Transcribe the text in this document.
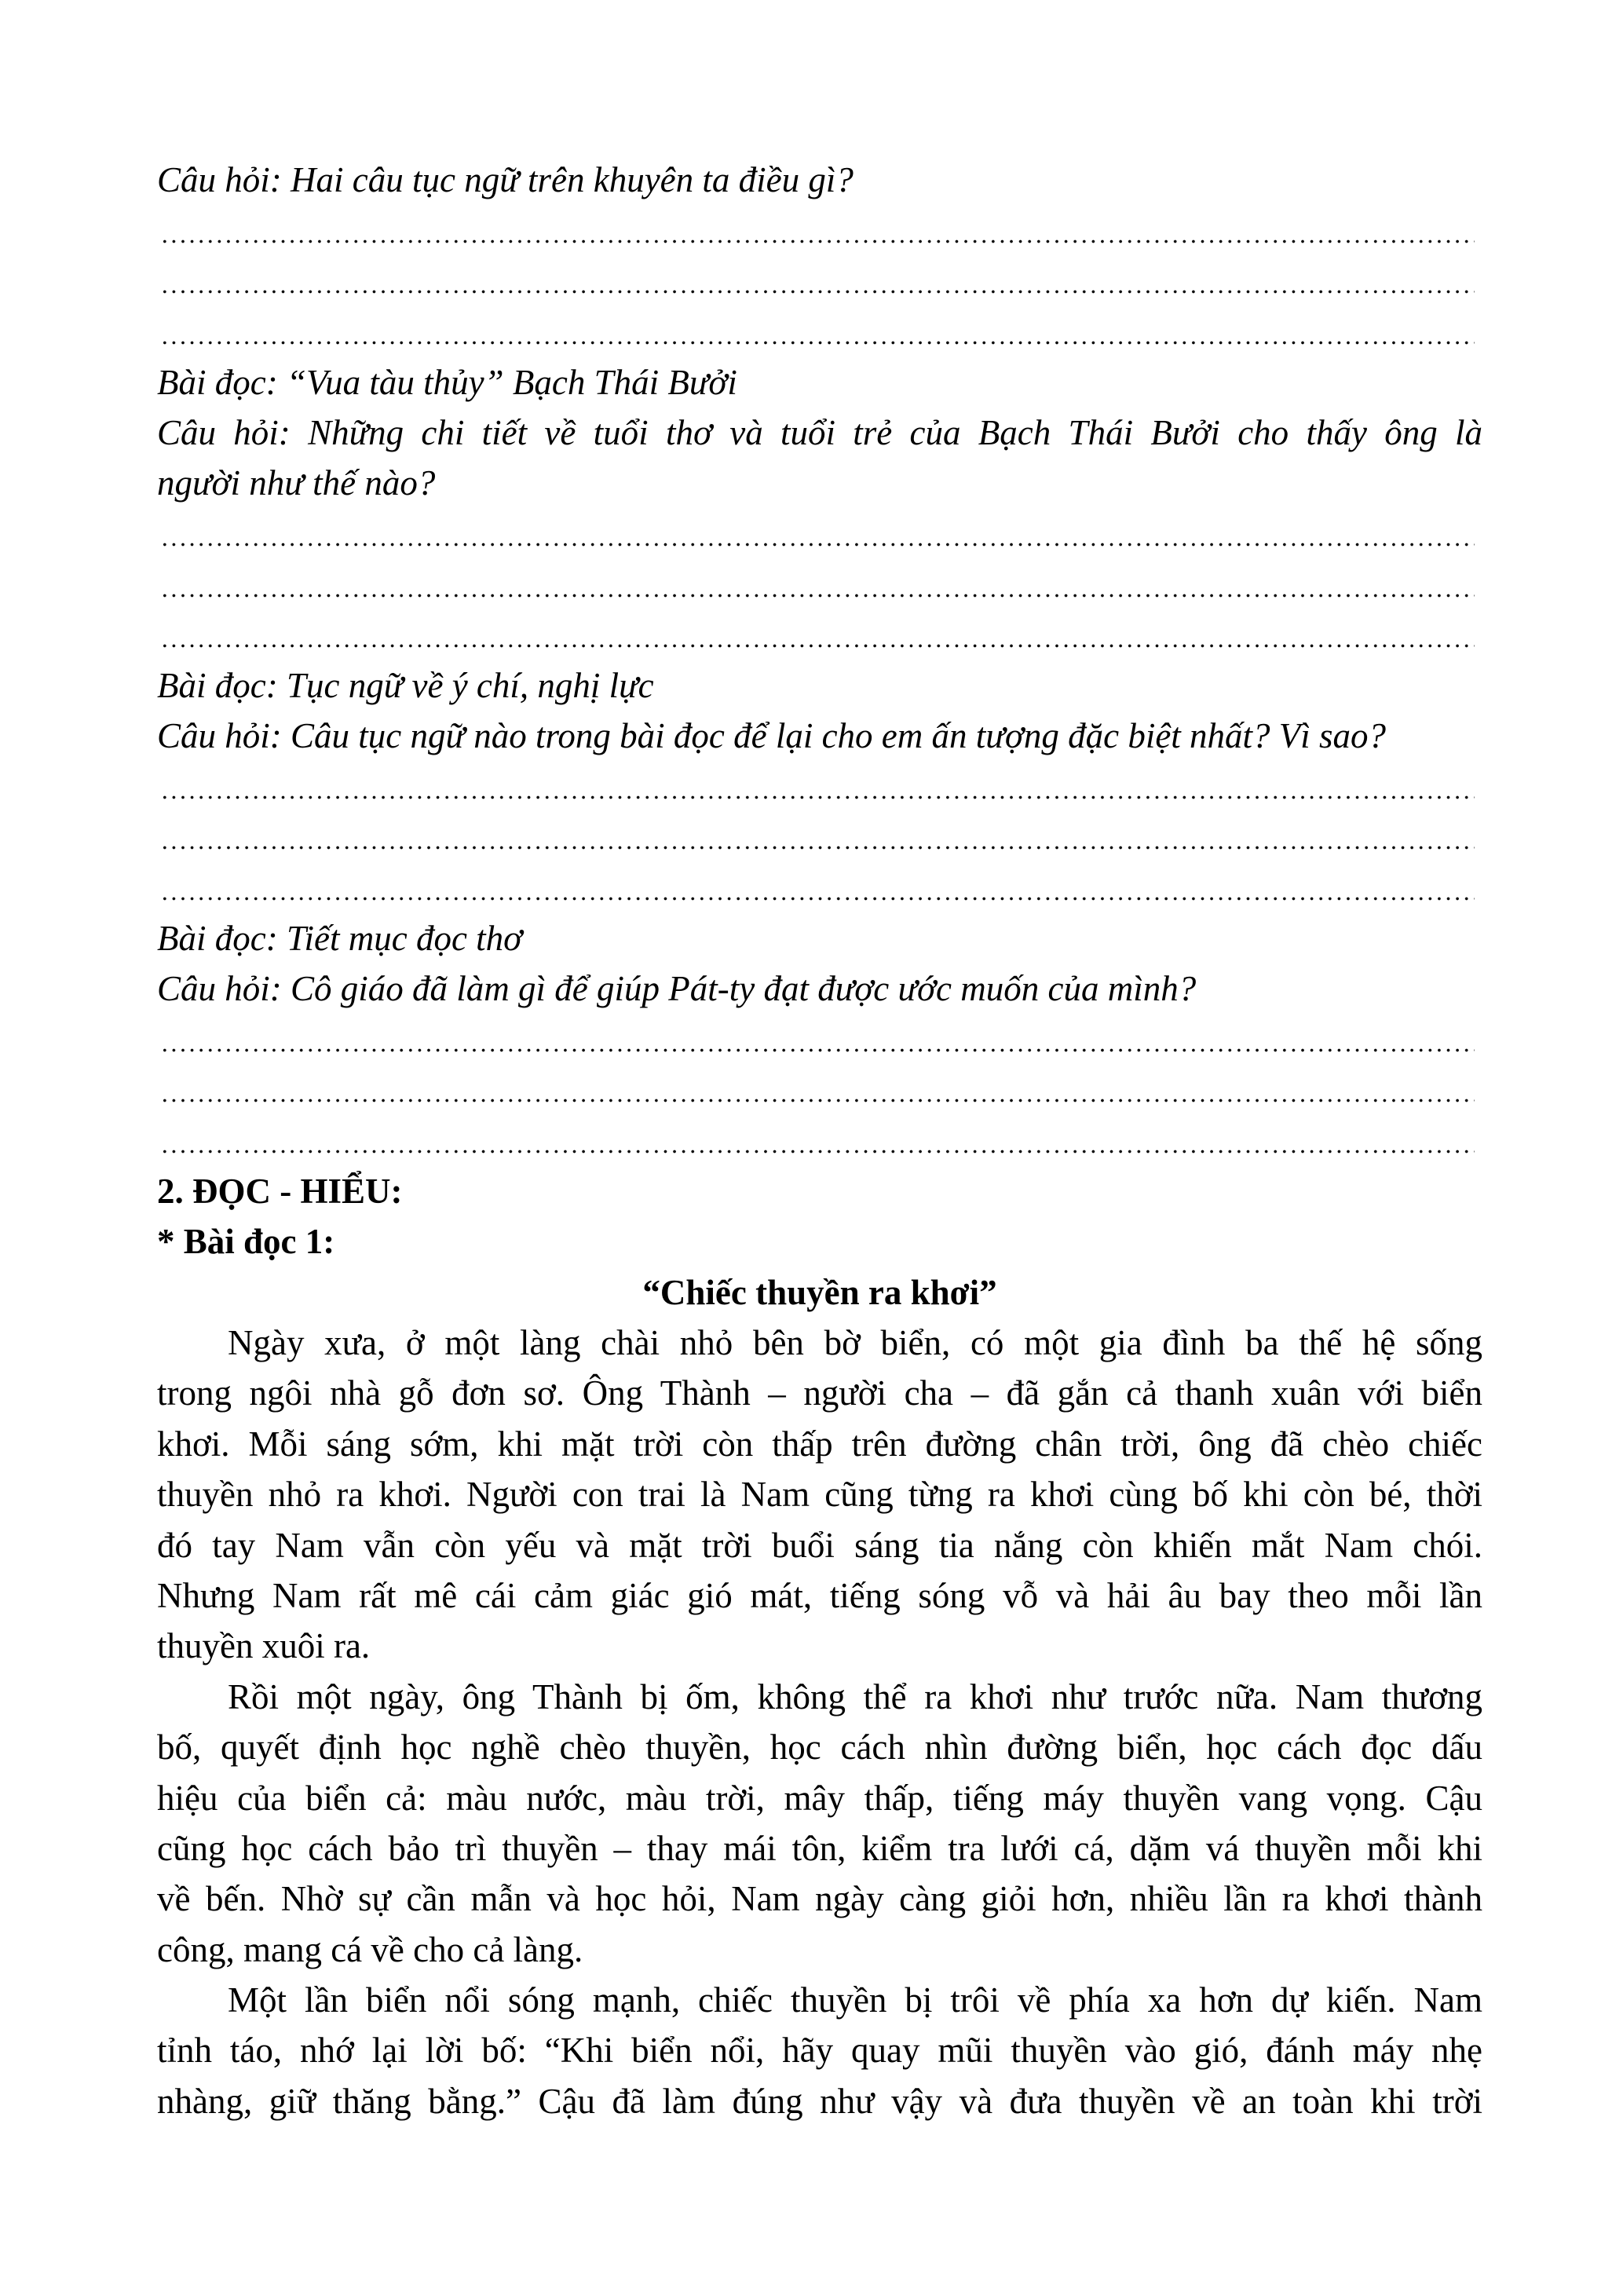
Câu hỏi: Hai câu tục ngữ trên khuyên ta điều gì?
Bài đọc: “Vua tàu thủy” Bạch Thái Bưởi
Câu hỏi: Những chi tiết về tuổi thơ và tuổi trẻ của Bạch Thái Bưởi cho thấy ông là
người như thế nào?
Bài đọc: Tục ngữ về ý chí, nghị lực
Câu hỏi: Câu tục ngữ nào trong bài đọc để lại cho em ấn tượng đặc biệt nhất? Vì sao?
Bài đọc: Tiết mục đọc thơ
Câu hỏi: Cô giáo đã làm gì để giúp Pát-ty đạt được ước muốn của mình?
2. ĐỌC - HIỂU:
* Bài đọc 1:
“Chiếc thuyền ra khơi”
Ngày xưa, ở một làng chài nhỏ bên bờ biển, có một gia đình ba thế hệ sống
trong ngôi nhà gỗ đơn sơ. Ông Thành – người cha – đã gắn cả thanh xuân với biển
khơi. Mỗi sáng sớm, khi mặt trời còn thấp trên đường chân trời, ông đã chèo chiếc
thuyền nhỏ ra khơi. Người con trai là Nam cũng từng ra khơi cùng bố khi còn bé, thời
đó tay Nam vẫn còn yếu và mặt trời buổi sáng tia nắng còn khiến mắt Nam chói.
Nhưng Nam rất mê cái cảm giác gió mát, tiếng sóng vỗ và hải âu bay theo mỗi lần
thuyền xuôi ra.
Rồi một ngày, ông Thành bị ốm, không thể ra khơi như trước nữa. Nam thương
bố, quyết định học nghề chèo thuyền, học cách nhìn đường biển, học cách đọc dấu
hiệu của biển cả: màu nước, màu trời, mây thấp, tiếng máy thuyền vang vọng. Cậu
cũng học cách bảo trì thuyền – thay mái tôn, kiểm tra lưới cá, dặm vá thuyền mỗi khi
về bến. Nhờ sự cần mẫn và học hỏi, Nam ngày càng giỏi hơn, nhiều lần ra khơi thành
công, mang cá về cho cả làng.
Một lần biển nổi sóng mạnh, chiếc thuyền bị trôi về phía xa hơn dự kiến. Nam
tỉnh táo, nhớ lại lời bố: “Khi biển nổi, hãy quay mũi thuyền vào gió, đánh máy nhẹ
nhàng, giữ thăng bằng.” Cậu đã làm đúng như vậy và đưa thuyền về an toàn khi trời
